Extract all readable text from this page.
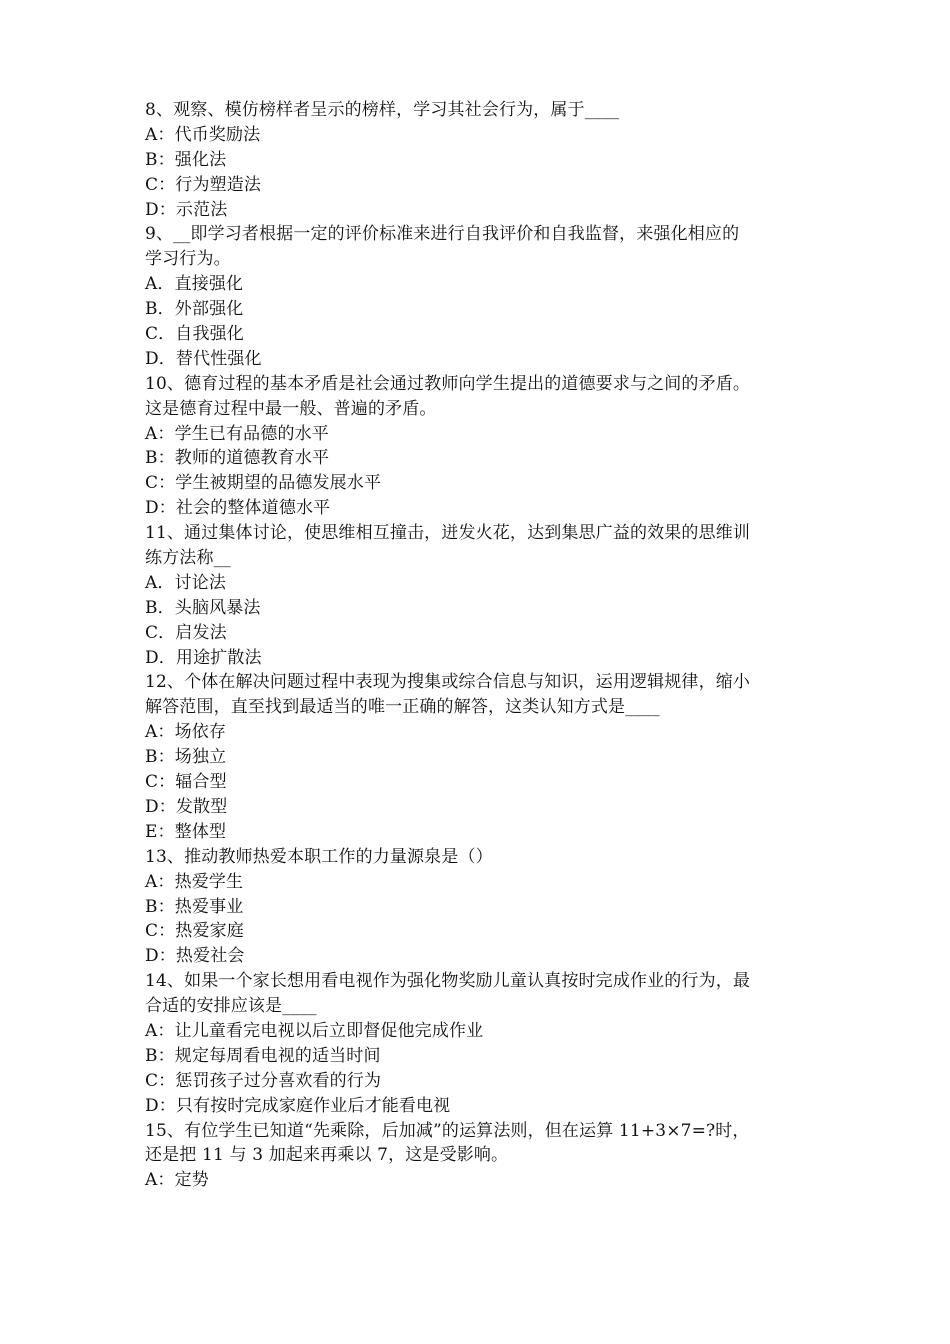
8、观察、模仿榜样者呈示的榜样，学习其社会行为，属于____
A：代币奖励法
B：强化法
C：行为塑造法
D：示范法
9、__即学习者根据一定的评价标准来进行自我评价和自我监督，来强化相应的
学习行为。
A．直接强化
B．外部强化
C．自我强化
D．替代性强化
10、德育过程的基本矛盾是社会通过教师向学生提出的道德要求与之间的矛盾。
这是德育过程中最一般、普遍的矛盾。
A：学生已有品德的水平
B：教师的道德教育水平
C：学生被期望的品德发展水平
D：社会的整体道德水平
11、通过集体讨论，使思维相互撞击，迸发火花，达到集思广益的效果的思维训
练方法称__
A．讨论法
B．头脑风暴法
C．启发法
D．用途扩散法
12、个体在解决问题过程中表现为搜集或综合信息与知识，运用逻辑规律，缩小
解答范围，直至找到最适当的唯一正确的解答，这类认知方式是____
A：场依存
B：场独立
C：辐合型
D：发散型
E：整体型
13、推动教师热爱本职工作的力量源泉是（）
A：热爱学生
B：热爱事业
C：热爱家庭
D：热爱社会
14、如果一个家长想用看电视作为强化物奖励儿童认真按时完成作业的行为，最
合适的安排应该是____
A：让儿童看完电视以后立即督促他完成作业
B：规定每周看电视的适当时间
C：惩罚孩子过分喜欢看的行为
D：只有按时完成家庭作业后才能看电视
15、有位学生已知道“先乘除，后加减”的运算法则，但在运算 11+3×7=?时，
还是把 11 与 3 加起来再乘以 7，这是受影响。
A：定势
